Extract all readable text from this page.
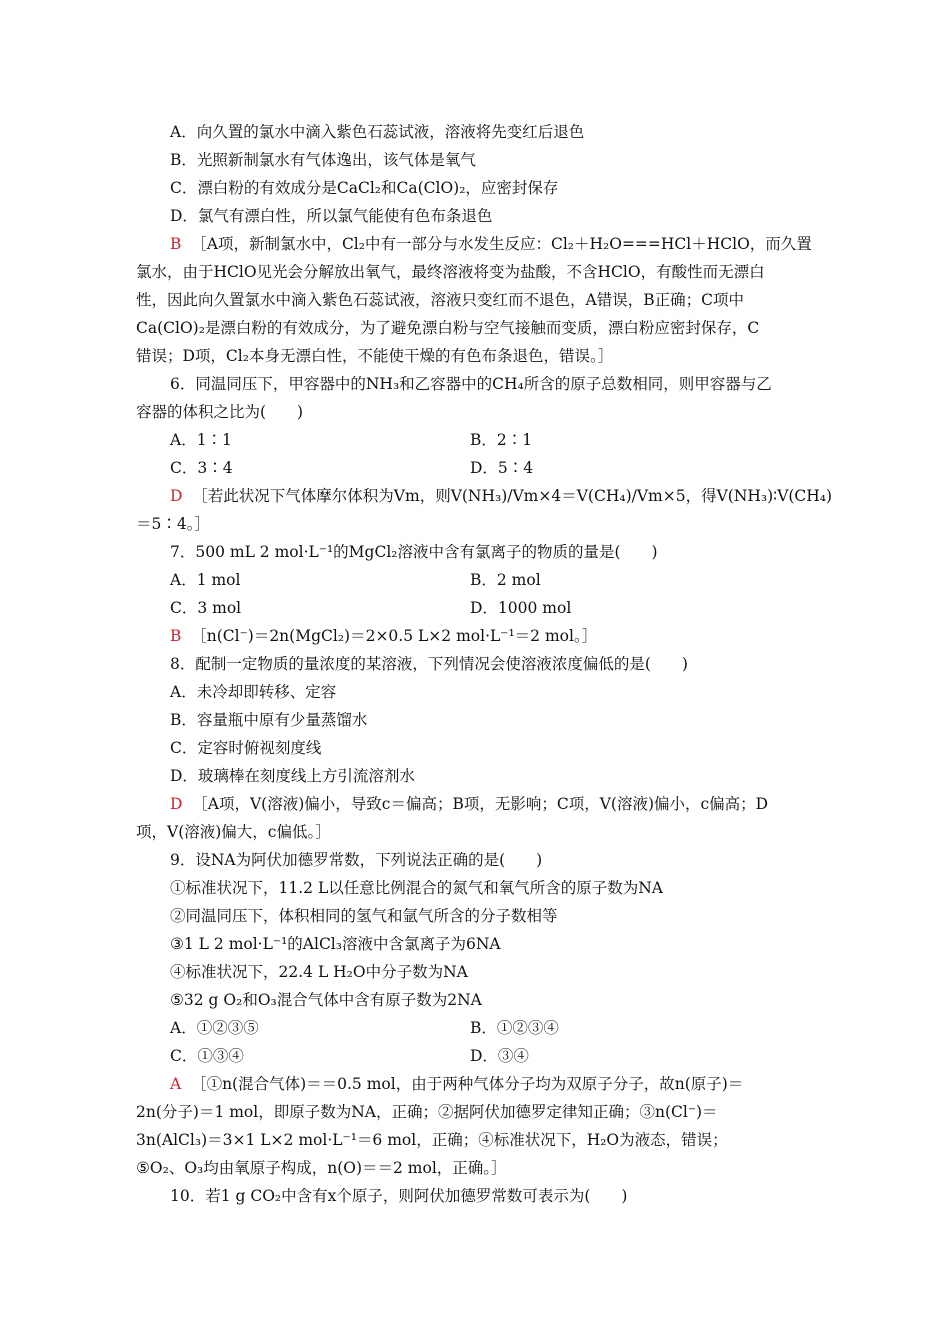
A．向久置的氯水中滴入紫色石蕊试液，溶液将先变红后退色
B．光照新制氯水有气体逸出，该气体是氧气
C．漂白粉的有效成分是CaCl₂和Ca(ClO)₂，应密封保存
D．氯气有漂白性，所以氯气能使有色布条退色
B ［A项，新制氯水中，Cl₂中有一部分与水发生反应：Cl₂＋H₂O===HCl＋HClO，而久置
氯水，由于HClO见光会分解放出氧气，最终溶液将变为盐酸，不含HClO，有酸性而无漂白
性，因此向久置氯水中滴入紫色石蕊试液，溶液只变红而不退色，A错误，B正确；C项中
Ca(ClO)₂是漂白粉的有效成分，为了避免漂白粉与空气接触而变质，漂白粉应密封保存，C
错误；D项，Cl₂本身无漂白性，不能使干燥的有色布条退色，错误。］
6．同温同压下，甲容器中的NH₃和乙容器中的CH₄所含的原子总数相同，则甲容器与乙
容器的体积之比为(　　)
A．1∶1	B．2∶1
C．3∶4	D．5∶4
D ［若此状况下气体摩尔体积为Vm，则V(NH₃)/Vm×4＝V(CH₄)/Vm×5，得V(NH₃)∶V(CH₄)
＝5∶4。］
7．500 mL 2 mol·L⁻¹的MgCl₂溶液中含有氯离子的物质的量是(　　)
A．1 mol	B．2 mol
C．3 mol	D．1000 mol
B ［n(Cl⁻)＝2n(MgCl₂)＝2×0.5 L×2 mol·L⁻¹＝2 mol。］
8．配制一定物质的量浓度的某溶液，下列情况会使溶液浓度偏低的是(　　)
A．未冷却即转移、定容
B．容量瓶中原有少量蒸馏水
C．定容时俯视刻度线
D．玻璃棒在刻度线上方引流溶剂水
D ［A项，V(溶液)偏小，导致c＝偏高；B项，无影响；C项，V(溶液)偏小，c偏高；D
项，V(溶液)偏大，c偏低。］
9．设NA为阿伏加德罗常数，下列说法正确的是(　　)
①标准状况下，11.2 L以任意比例混合的氮气和氧气所含的原子数为NA
②同温同压下，体积相同的氢气和氩气所含的分子数相等
③1 L 2 mol·L⁻¹的AlCl₃溶液中含氯离子为6NA
④标准状况下，22.4 L H₂O中分子数为NA
⑤32 g O₂和O₃混合气体中含有原子数为2NA
A．①②③⑤	B．①②③④
C．①③④	D．③④
A ［①n(混合气体)＝＝0.5 mol，由于两种气体分子均为双原子分子，故n(原子)＝
2n(分子)＝1 mol，即原子数为NA，正确；②据阿伏加德罗定律知正确；③n(Cl⁻)＝
3n(AlCl₃)＝3×1 L×2 mol·L⁻¹＝6 mol，正确；④标准状况下，H₂O为液态，错误；
⑤O₂、O₃均由氧原子构成，n(O)＝＝2 mol，正确。］
10．若1 g CO₂中含有x个原子，则阿伏加德罗常数可表示为(　　)
